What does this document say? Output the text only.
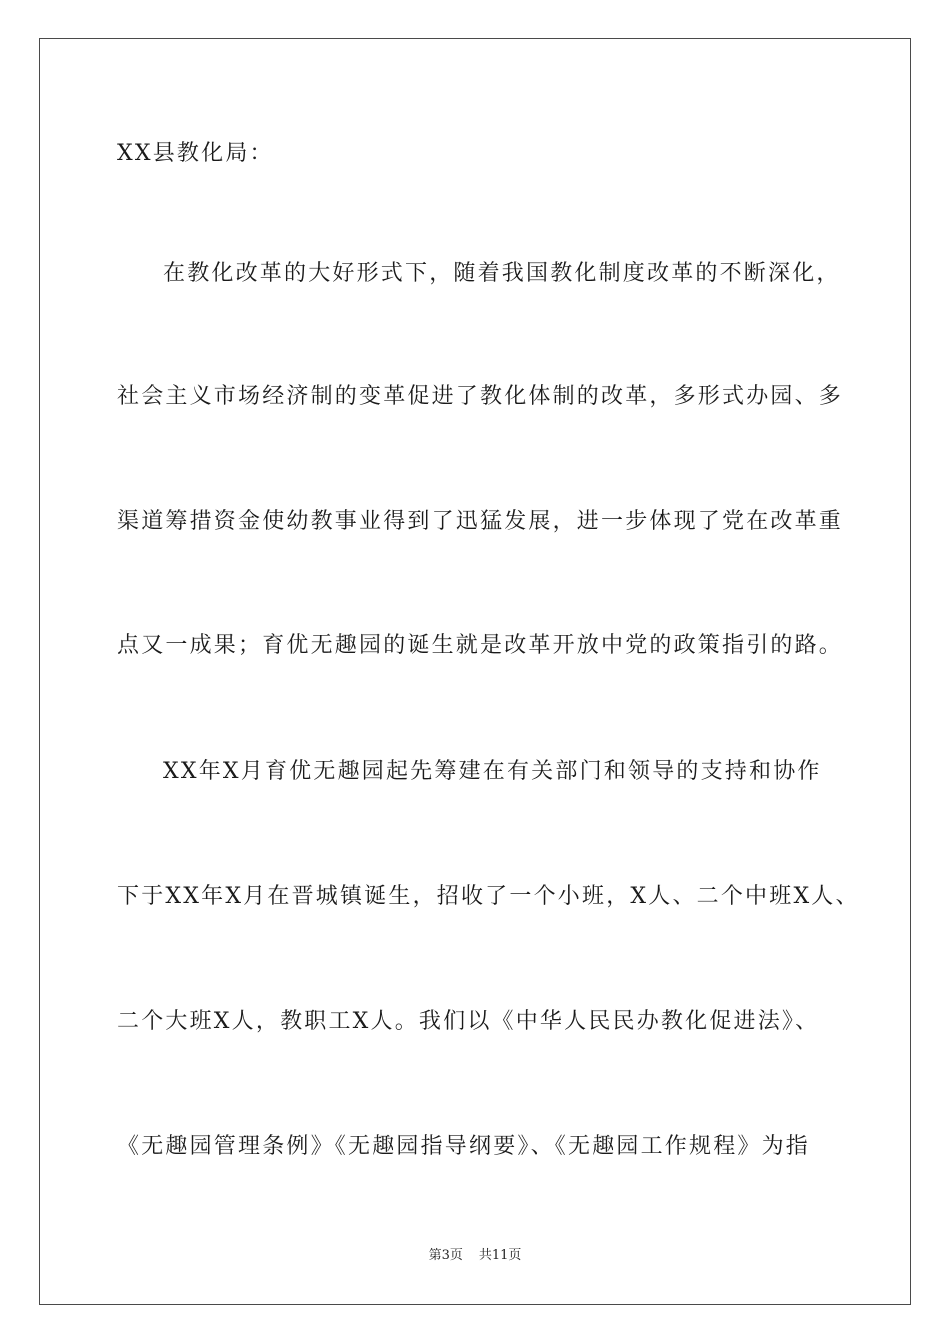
XX县教化局：
在教化改革的大好形式下，随着我国教化制度改革的不断深化，
社会主义市场经济制的变革促进了教化体制的改革，多形式办园、多
渠道筹措资金使幼教事业得到了迅猛发展，进一步体现了党在改革重
点又一成果；育优无趣园的诞生就是改革开放中党的政策指引的路。
XX年X月育优无趣园起先筹建在有关部门和领导的支持和协作
下于XX年X月在晋城镇诞生，招收了一个小班，X人、二个中班X人、
二个大班X人，教职工X人。我们以《中华人民民办教化促进法》、
《无趣园管理条例》《无趣园指导纲要》、《无趣园工作规程》为指
第3页 共11页
